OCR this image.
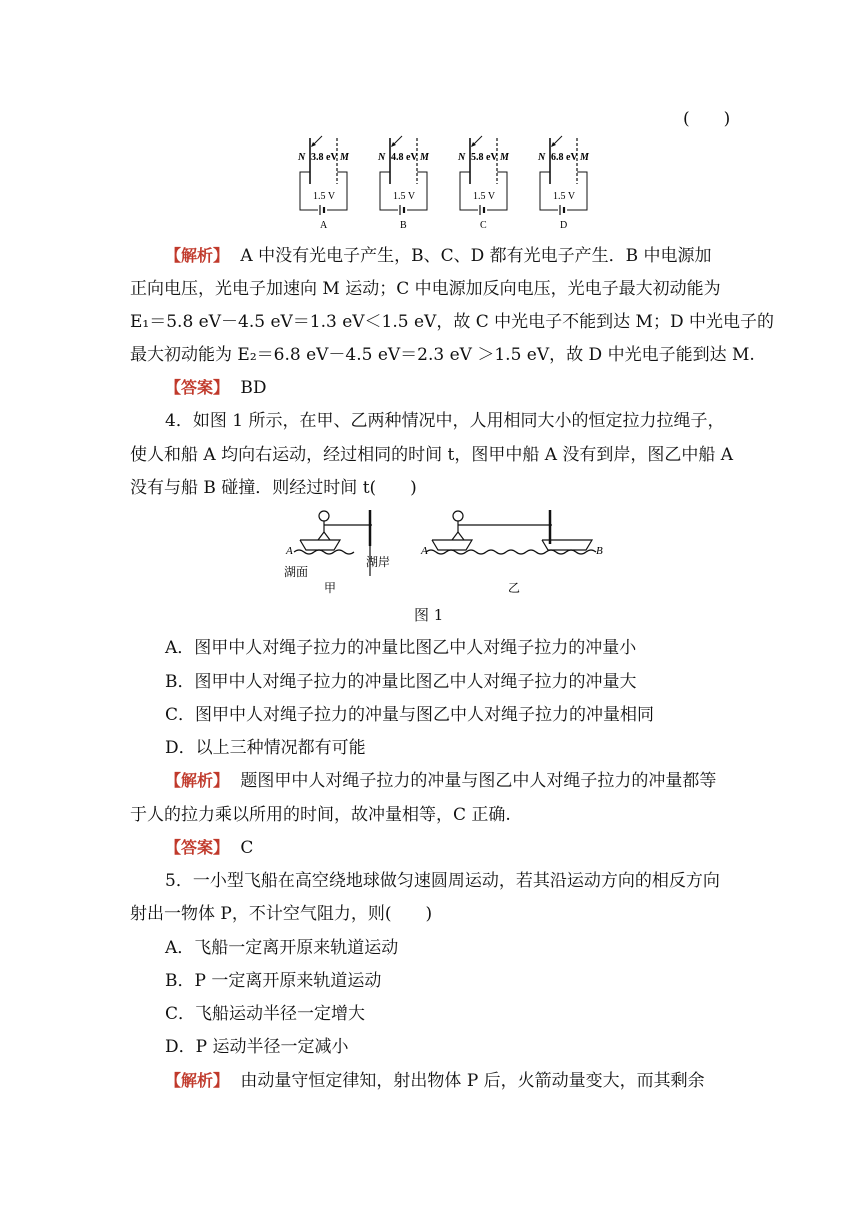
(　　)
N	M	N	M	N	M	N	M
3.8 eV	4.8 eV	5.8 eV	6.8 eV
1.5 V	1.5 V	1.5 V	1.5 V
A	B	C	D
【解析】 A 中没有光电子产生，B、C、D 都有光电子产生．B 中电源加
正向电压，光电子加速向 M 运动；C 中电源加反向电压，光电子最大初动能为
E₁＝5.8 eV－4.5 eV＝1.3 eV＜1.5 eV，故 C 中光电子不能到达 M；D 中光电子的
最大初动能为 E₂＝6.8 eV－4.5 eV＝2.3 eV ＞1.5 eV，故 D 中光电子能到达 M.
【答案】 BD
4．如图 1 所示，在甲、乙两种情况中，人用相同大小的恒定拉力拉绳子，
使人和船 A 均向右运动，经过相同的时间 t，图甲中船 A 没有到岸，图乙中船 A
没有与船 B 碰撞．则经过时间 t(　　)
A
湖面
湖岸
甲
A	B
乙
图 1
A．图甲中人对绳子拉力的冲量比图乙中人对绳子拉力的冲量小
B．图甲中人对绳子拉力的冲量比图乙中人对绳子拉力的冲量大
C．图甲中人对绳子拉力的冲量与图乙中人对绳子拉力的冲量相同
D．以上三种情况都有可能
【解析】 题图甲中人对绳子拉力的冲量与图乙中人对绳子拉力的冲量都等
于人的拉力乘以所用的时间，故冲量相等，C 正确.
【答案】 C
5．一小型飞船在高空绕地球做匀速圆周运动，若其沿运动方向的相反方向
射出一物体 P，不计空气阻力，则(　　)
A．飞船一定离开原来轨道运动
B．P 一定离开原来轨道运动
C．飞船运动半径一定增大
D．P 运动半径一定减小
【解析】 由动量守恒定律知，射出物体 P 后，火箭动量变大，而其剩余
